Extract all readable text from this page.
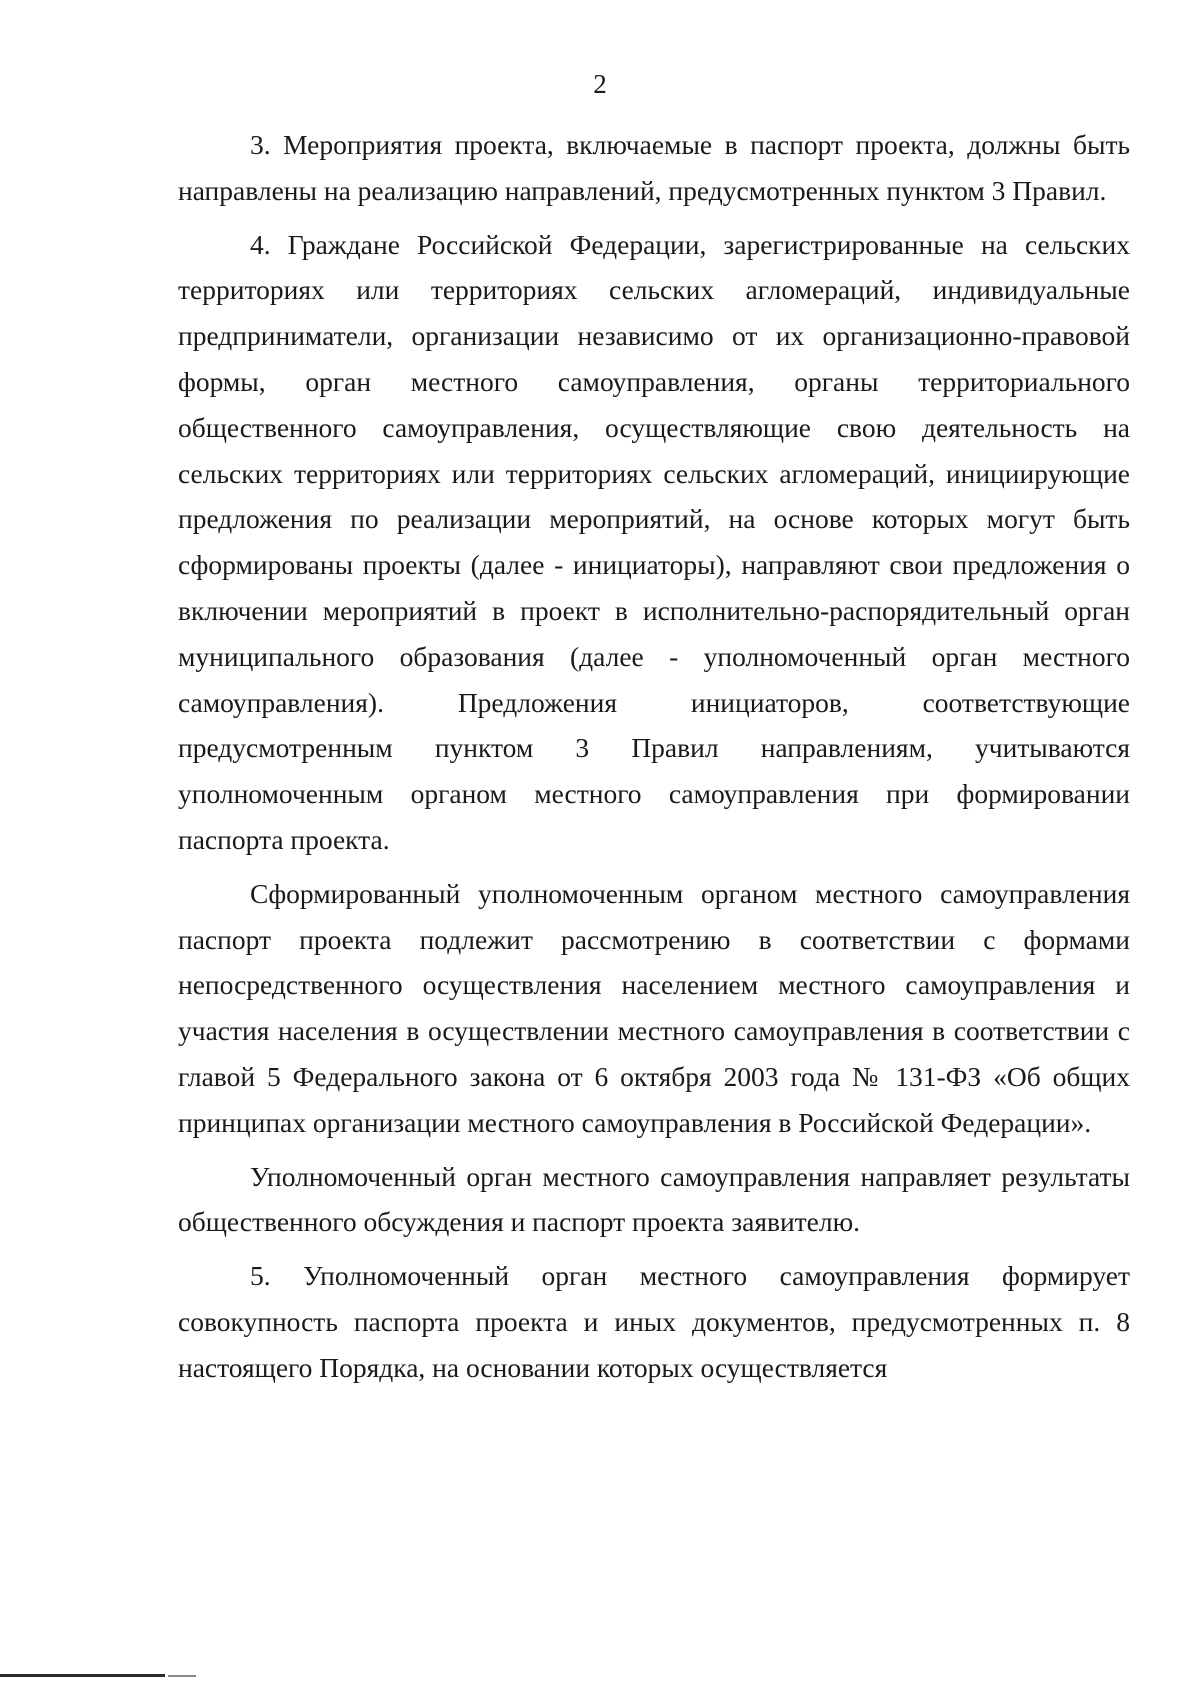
2

3. Мероприятия проекта, включаемые в паспорт проекта, должны быть направлены на реализацию направлений, предусмотренных пунктом 3 Правил.

4. Граждане Российской Федерации, зарегистрированные на сельских территориях или территориях сельских агломераций, индивидуальные предприниматели, организации независимо от их организационно-правовой формы, орган местного самоуправления, органы территориального общественного самоуправления, осуществляющие свою деятельность на сельских территориях или территориях сельских агломераций, инициирующие предложения по реализации мероприятий, на основе которых могут быть сформированы проекты (далее - инициаторы), направляют свои предложения о включении мероприятий в проект в исполнительно-распорядительный орган муниципального образования (далее - уполномоченный орган местного самоуправления). Предложения инициаторов, соответствующие предусмотренным пунктом 3 Правил направлениям, учитываются уполномоченным органом местного самоуправления при формировании паспорта проекта.

Сформированный уполномоченным органом местного самоуправления паспорт проекта подлежит рассмотрению в соответствии с формами непосредственного осуществления населением местного самоуправления и участия населения в осуществлении местного самоуправления в соответствии с главой 5 Федерального закона от 6 октября 2003 года № 131-ФЗ «Об общих принципах организации местного самоуправления в Российской Федерации».

Уполномоченный орган местного самоуправления направляет результаты общественного обсуждения и паспорт проекта заявителю.

5. Уполномоченный орган местного самоуправления формирует совокупность паспорта проекта и иных документов, предусмотренных п. 8 настоящего Порядка, на основании которых осуществляется
